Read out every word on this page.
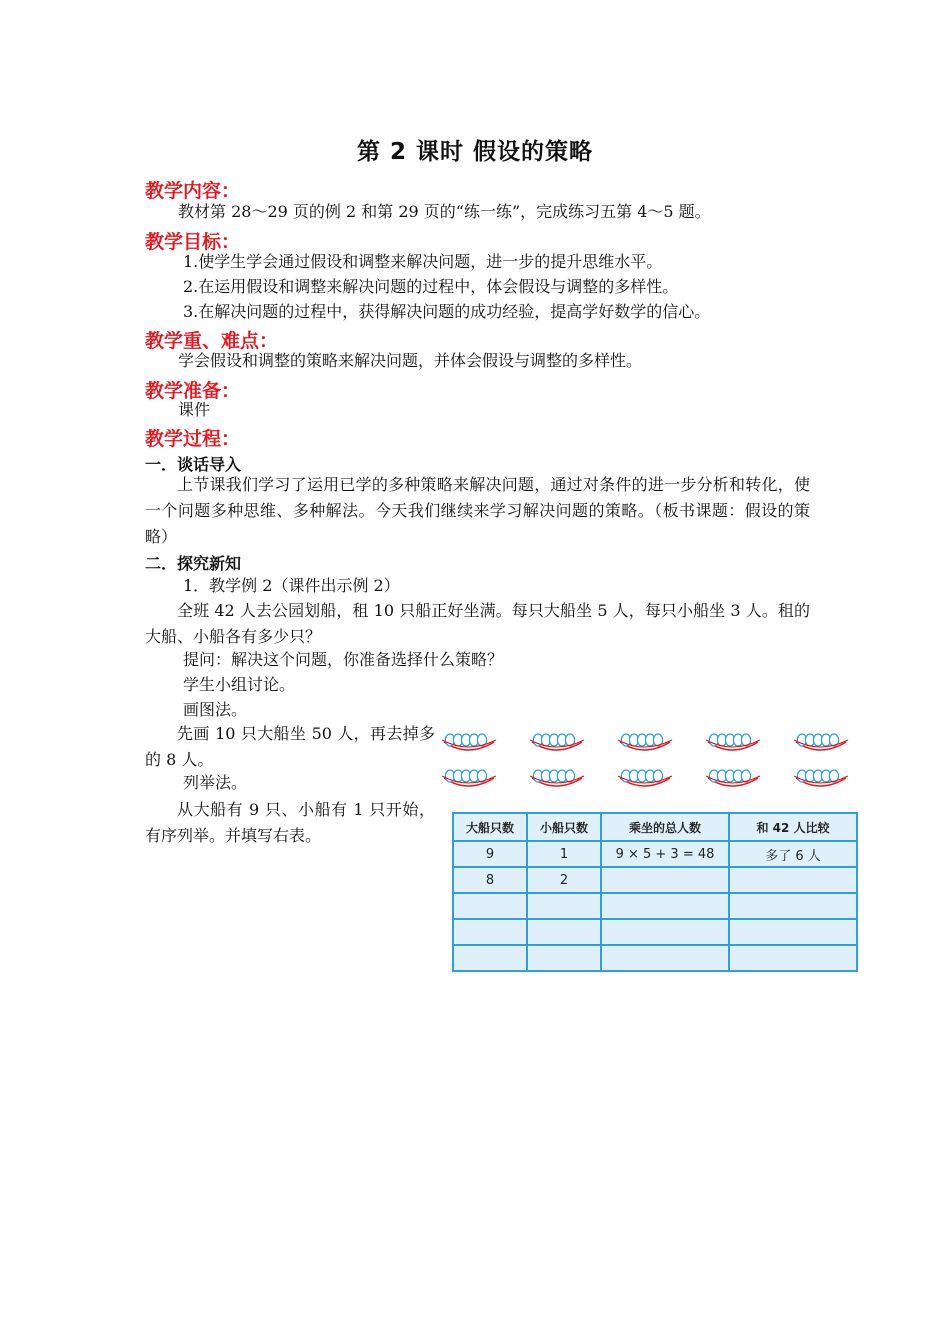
第 2 课时 假设的策略
教学内容：
教材第 28～29 页的例 2 和第 29 页的“练一练”，完成练习五第 4～5 题。
教学目标：
1.使学生学会通过假设和调整来解决问题，进一步的提升思维水平。
2.在运用假设和调整来解决问题的过程中，体会假设与调整的多样性。
3.在解决问题的过程中，获得解决问题的成功经验，提高学好数学的信心。
教学重、难点：
学会假设和调整的策略来解决问题，并体会假设与调整的多样性。
教学准备：
课件
教学过程：
一．谈话导入
上节课我们学习了运用已学的多种策略来解决问题，通过对条件的进一步分析和转化，使一个问题多种思维、多种解法。今天我们继续来学习解决问题的策略。（板书课题：假设的策略）
二．探究新知
1．教学例 2（课件出示例 2）
全班 42 人去公园划船，租 10 只船正好坐满。每只大船坐 5 人，每只小船坐 3 人。租的大船、小船各有多少只？
提问：解决这个问题，你准备选择什么策略？
学生小组讨论。
画图法。
先画 10 只大船坐 50 人，再去掉多的 8 人。
列举法。
从大船有 9 只、小船有 1 只开始，有序列举。并填写右表。	大船只数	小船只数	乘坐的总人数	和 42 人比较
9	1	9 × 5 + 3 = 48	多了 6 人
8	2		
